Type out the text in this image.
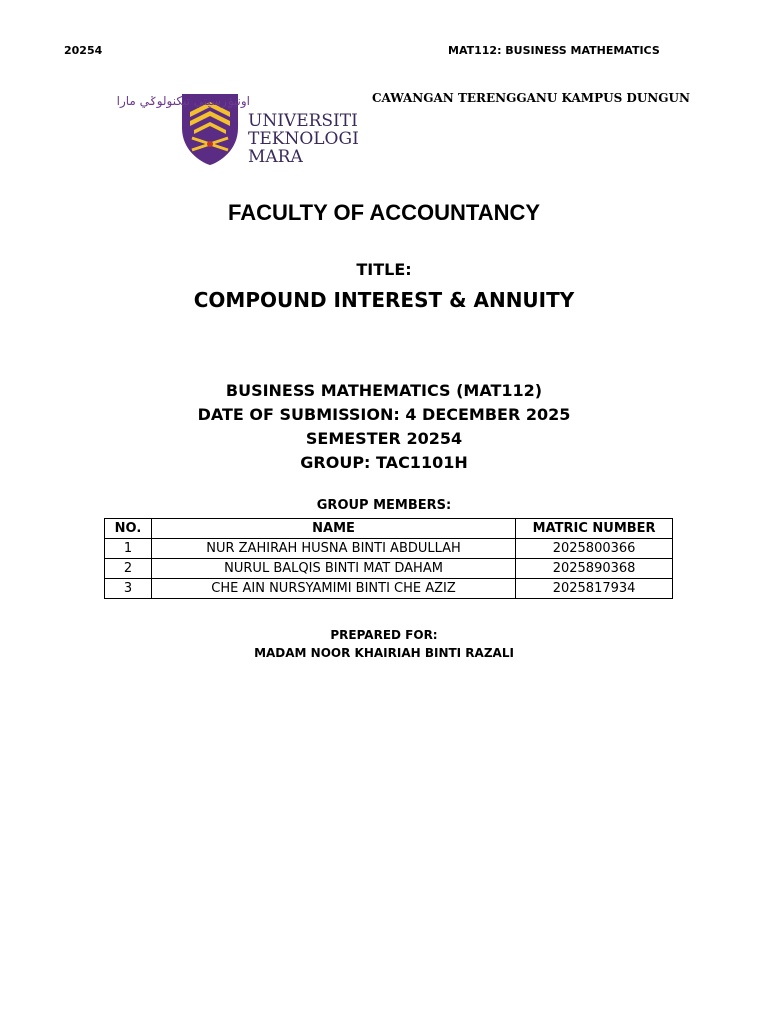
20254	MAT112: BUSINESS MATHEMATICS
اونيۏرسيتي تيكنولوݢي مارا
UNIVERSITI
TEKNOLOGI
MARA
CAWANGAN TERENGGANU KAMPUS DUNGUN
FACULTY OF ACCOUNTANCY
TITLE:
COMPOUND INTEREST & ANNUITY
BUSINESS MATHEMATICS (MAT112)
DATE OF SUBMISSION: 4 DECEMBER 2025
SEMESTER 20254
GROUP: TAC1101H
GROUP MEMBERS:
NO.	NAME	MATRIC NUMBER
1	NUR ZAHIRAH HUSNA BINTI ABDULLAH	2025800366
2	NURUL BALQIS BINTI MAT DAHAM	2025890368
3	CHE AIN NURSYAMIMI BINTI CHE AZIZ	2025817934
PREPARED FOR:
MADAM NOOR KHAIRIAH BINTI RAZALI
